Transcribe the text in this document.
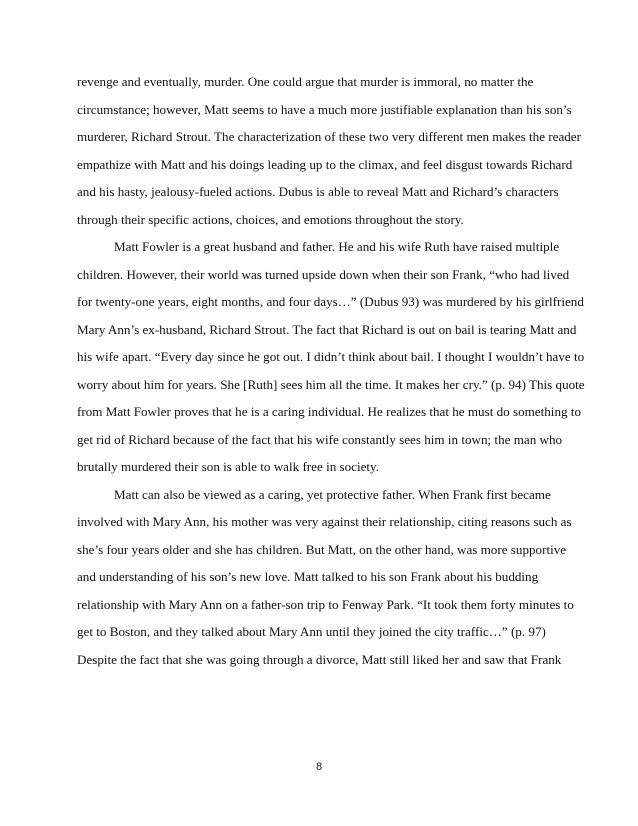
revenge and eventually, murder. One could argue that murder is immoral, no matter the
circumstance; however, Matt seems to have a much more justifiable explanation than his son’s
murderer, Richard Strout. The characterization of these two very different men makes the reader
empathize with Matt and his doings leading up to the climax, and feel disgust towards Richard
and his hasty, jealousy-fueled actions. Dubus is able to reveal Matt and Richard’s characters
through their specific actions, choices, and emotions throughout the story.
Matt Fowler is a great husband and father. He and his wife Ruth have raised multiple
children. However, their world was turned upside down when their son Frank, “who had lived
for twenty-one years, eight months, and four days…” (Dubus 93) was murdered by his girlfriend
Mary Ann’s ex-husband, Richard Strout. The fact that Richard is out on bail is tearing Matt and
his wife apart. “Every day since he got out. I didn’t think about bail. I thought I wouldn’t have to
worry about him for years. She [Ruth] sees him all the time. It makes her cry.” (p. 94) This quote
from Matt Fowler proves that he is a caring individual. He realizes that he must do something to
get rid of Richard because of the fact that his wife constantly sees him in town; the man who
brutally murdered their son is able to walk free in society.
Matt can also be viewed as a caring, yet protective father. When Frank first became
involved with Mary Ann, his mother was very against their relationship, citing reasons such as
she’s four years older and she has children. But Matt, on the other hand, was more supportive
and understanding of his son’s new love. Matt talked to his son Frank about his budding
relationship with Mary Ann on a father-son trip to Fenway Park. “It took them forty minutes to
get to Boston, and they talked about Mary Ann until they joined the city traffic…” (p. 97)
Despite the fact that she was going through a divorce, Matt still liked her and saw that Frank
8
